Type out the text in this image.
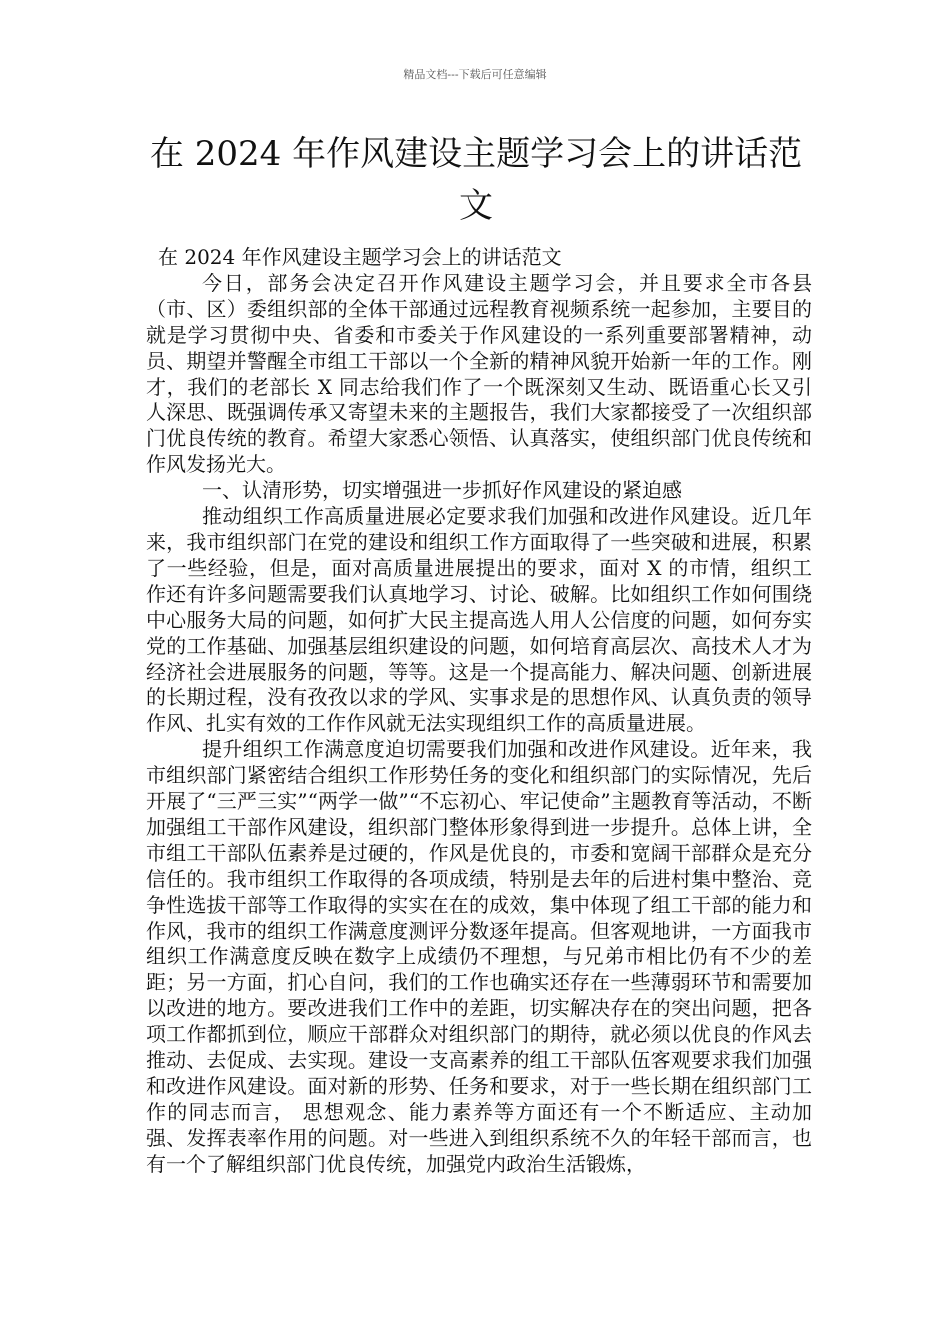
精品文档---下载后可任意编辑
在 2024 年作风建设主题学习会上的讲话范
文

在 2024 年作风建设主题学习会上的讲话范文

今日，部务会决定召开作风建设主题学习会，并且要求全市各县（市、区）委组织部的全体干部通过远程教育视频系统一起参加，主要目的就是学习贯彻中央、省委和市委关于作风建设的一系列重要部署精神，动员、期望并警醒全市组工干部以一个全新的精神风貌开始新一年的工作。刚才，我们的老部长 X 同志给我们作了一个既深刻又生动、既语重心长又引人深思、既强调传承又寄望未来的主题报告，我们大家都接受了一次组织部门优良传统的教育。希望大家悉心领悟、认真落实，使组织部门优良传统和作风发扬光大。

一、认清形势，切实增强进一步抓好作风建设的紧迫感

推动组织工作高质量进展必定要求我们加强和改进作风建设。近几年来，我市组织部门在党的建设和组织工作方面取得了一些突破和进展，积累了一些经验，但是，面对高质量进展提出的要求，面对 X 的市情，组织工作还有许多问题需要我们认真地学习、讨论、破解。比如组织工作如何围绕中心服务大局的问题，如何扩大民主提高选人用人公信度的问题，如何夯实党的工作基础、加强基层组织建设的问题，如何培育高层次、高技术人才为经济社会进展服务的问题，等等。这是一个提高能力、解决问题、创新进展的长期过程，没有孜孜以求的学风、实事求是的思想作风、认真负责的领导作风、扎实有效的工作作风就无法实现组织工作的高质量进展。

提升组织工作满意度迫切需要我们加强和改进作风建设。近年来，我市组织部门紧密结合组织工作形势任务的变化和组织部门的实际情况，先后开展了“三严三实”“两学一做”“不忘初心、牢记使命”主题教育等活动，不断加强组工干部作风建设，组织部门整体形象得到进一步提升。总体上讲，全市组工干部队伍素养是过硬的，作风是优良的，市委和宽阔干部群众是充分信任的。我市组织工作取得的各项成绩，特别是去年的后进村集中整治、竞争性选拔干部等工作取得的实实在在的成效，集中体现了组工干部的能力和作风，我市的组织工作满意度测评分数逐年提高。但客观地讲，一方面我市组织工作满意度反映在数字上成绩仍不理想，与兄弟市相比仍有不少的差距；另一方面，扪心自问，我们的工作也确实还存在一些薄弱环节和需要加以改进的地方。要改进我们工作中的差距，切实解决存在的突出问题，把各项工作都抓到位，顺应干部群众对组织部门的期待，就必须以优良的作风去推动、去促成、去实现。建设一支高素养的组工干部队伍客观要求我们加强和改进作风建设。面对新的形势、任务和要求，对于一些长期在组织部门工作的同志而言， 思想观念、能力素养等方面还有一个不断适应、主动加强、发挥表率作用的问题。对一些进入到组织系统不久的年轻干部而言，也有一个了解组织部门优良传统，加强党内政治生活锻炼，
